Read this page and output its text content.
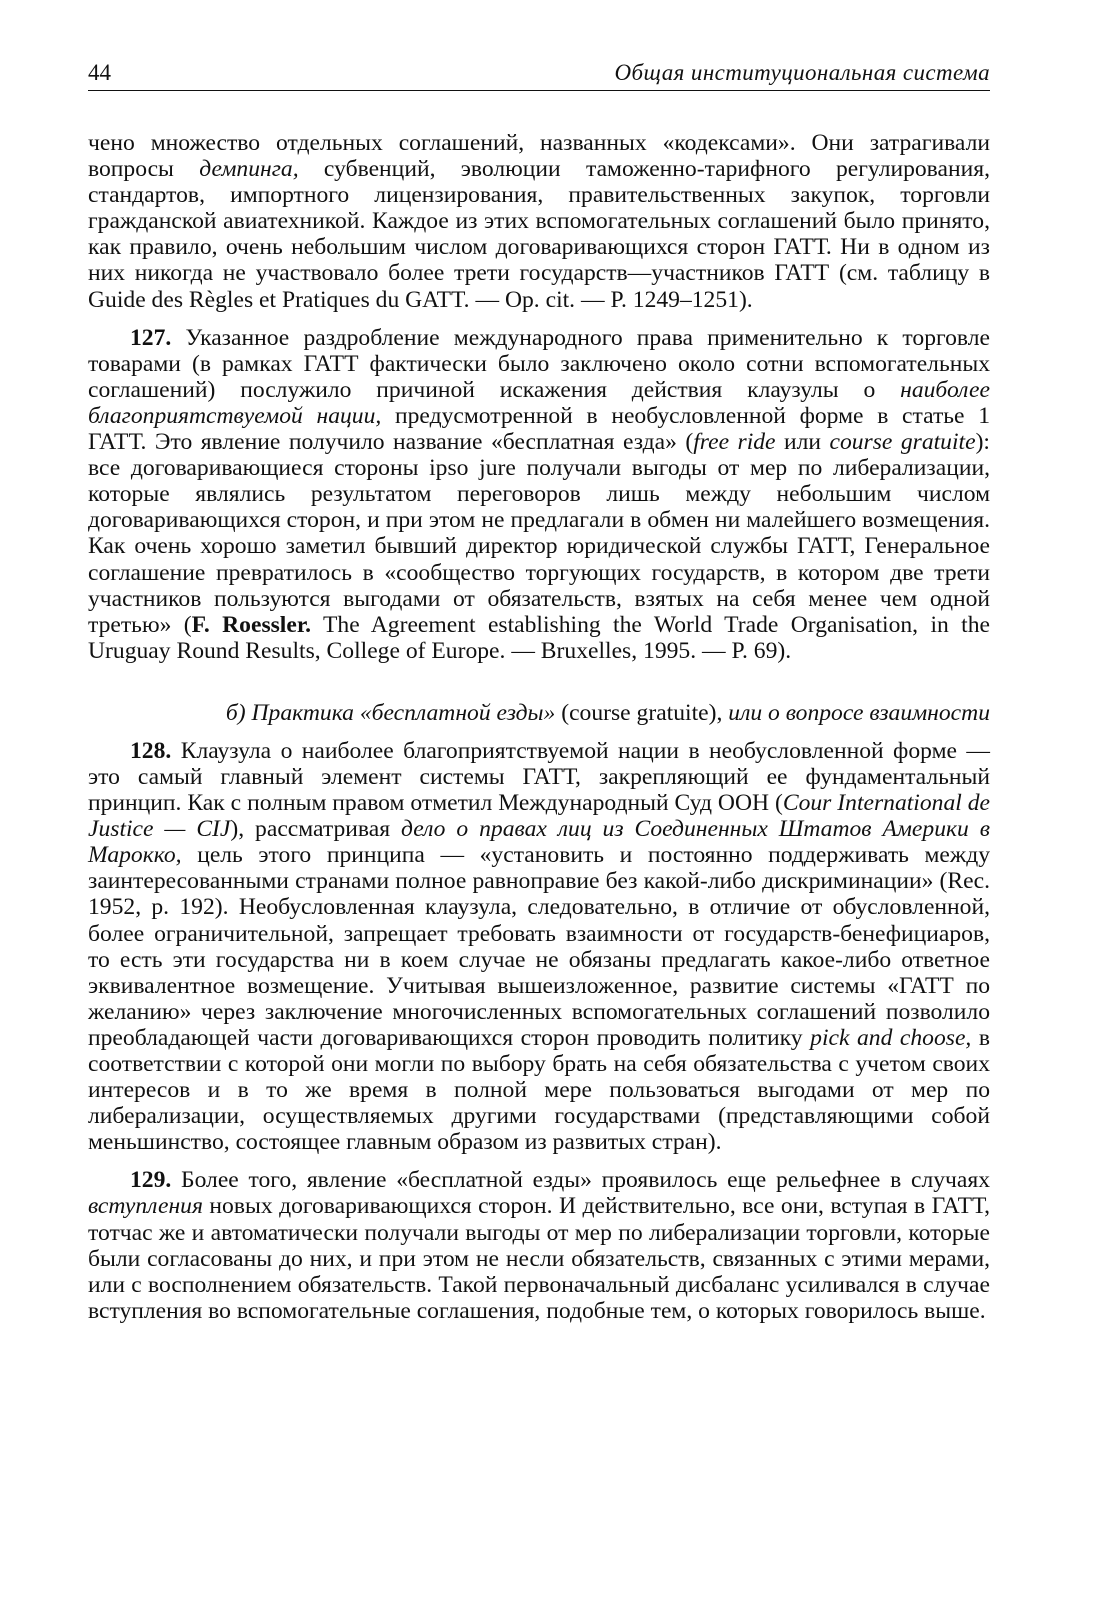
44	Общая институциональная система

чено множество отдельных соглашений, названных «кодексами». Они затрагивали вопросы демпинга, субвенций, эволюции таможенно-тарифного регулирования, стандартов, импортного лицензирования, правительственных закупок, торговли гражданской авиатехникой. Каждое из этих вспомогательных соглашений было принято, как правило, очень небольшим числом договаривающихся сторон ГАТТ. Ни в одном из них никогда не участвовало более трети государств—участников ГАТТ (см. таблицу в Guide des Règles et Pratiques du GATT. — Op. cit. — P. 1249–1251).

127. Указанное раздробление международного права применительно к торговле товарами (в рамках ГАТТ фактически было заключено около сотни вспомогательных соглашений) послужило причиной искажения действия клаузулы о наиболее благоприятствуемой нации, предусмотренной в необусловленной форме в статье 1 ГАТТ. Это явление получило название «бесплатная езда» (free ride или course gratuite): все договаривающиеся стороны ipso jure получали выгоды от мер по либерализации, которые являлись результатом переговоров лишь между небольшим числом договаривающихся сторон, и при этом не предлагали в обмен ни малейшего возмещения. Как очень хорошо заметил бывший директор юридической службы ГАТТ, Генеральное соглашение превратилось в «сообщество торгующих государств, в котором две трети участников пользуются выгодами от обязательств, взятых на себя менее чем одной третью» (F. Roessler. The Agreement establishing the World Trade Organisation, in the Uruguay Round Results, College of Europe. — Bruxelles, 1995. — P. 69).

б) Практика «бесплатной езды» (course gratuite), или о вопросе взаимности

128. Клаузула о наиболее благоприятствуемой нации в необусловленной форме — это самый главный элемент системы ГАТТ, закрепляющий ее фундаментальный принцип. Как с полным правом отметил Международный Суд ООН (Cour International de Justice — CIJ), рассматривая дело о правах лиц из Соединенных Штатов Америки в Марокко, цель этого принципа — «установить и постоянно поддерживать между заинтересованными странами полное равноправие без какой-либо дискриминации» (Rec. 1952, p. 192). Необусловленная клаузула, следовательно, в отличие от обусловленной, более ограничительной, запрещает требовать взаимности от государств-бенефициаров, то есть эти государства ни в коем случае не обязаны предлагать какое-либо ответное эквивалентное возмещение. Учитывая вышеизложенное, развитие системы «ГАТТ по желанию» через заключение многочисленных вспомогательных соглашений позволило преобладающей части договаривающихся сторон проводить политику pick and choose, в соответствии с которой они могли по выбору брать на себя обязательства с учетом своих интересов и в то же время в полной мере пользоваться выгодами от мер по либерализации, осуществляемых другими государствами (представляющими собой меньшинство, состоящее главным образом из развитых стран).

129. Более того, явление «бесплатной езды» проявилось еще рельефнее в случаях вступления новых договаривающихся сторон. И действительно, все они, вступая в ГАТТ, тотчас же и автоматически получали выгоды от мер по либерализации торговли, которые были согласованы до них, и при этом не несли обязательств, связанных с этими мерами, или с восполнением обязательств. Такой первоначальный дисбаланс усиливался в случае вступления во вспомогательные соглашения, подобные тем, о которых говорилось выше.
